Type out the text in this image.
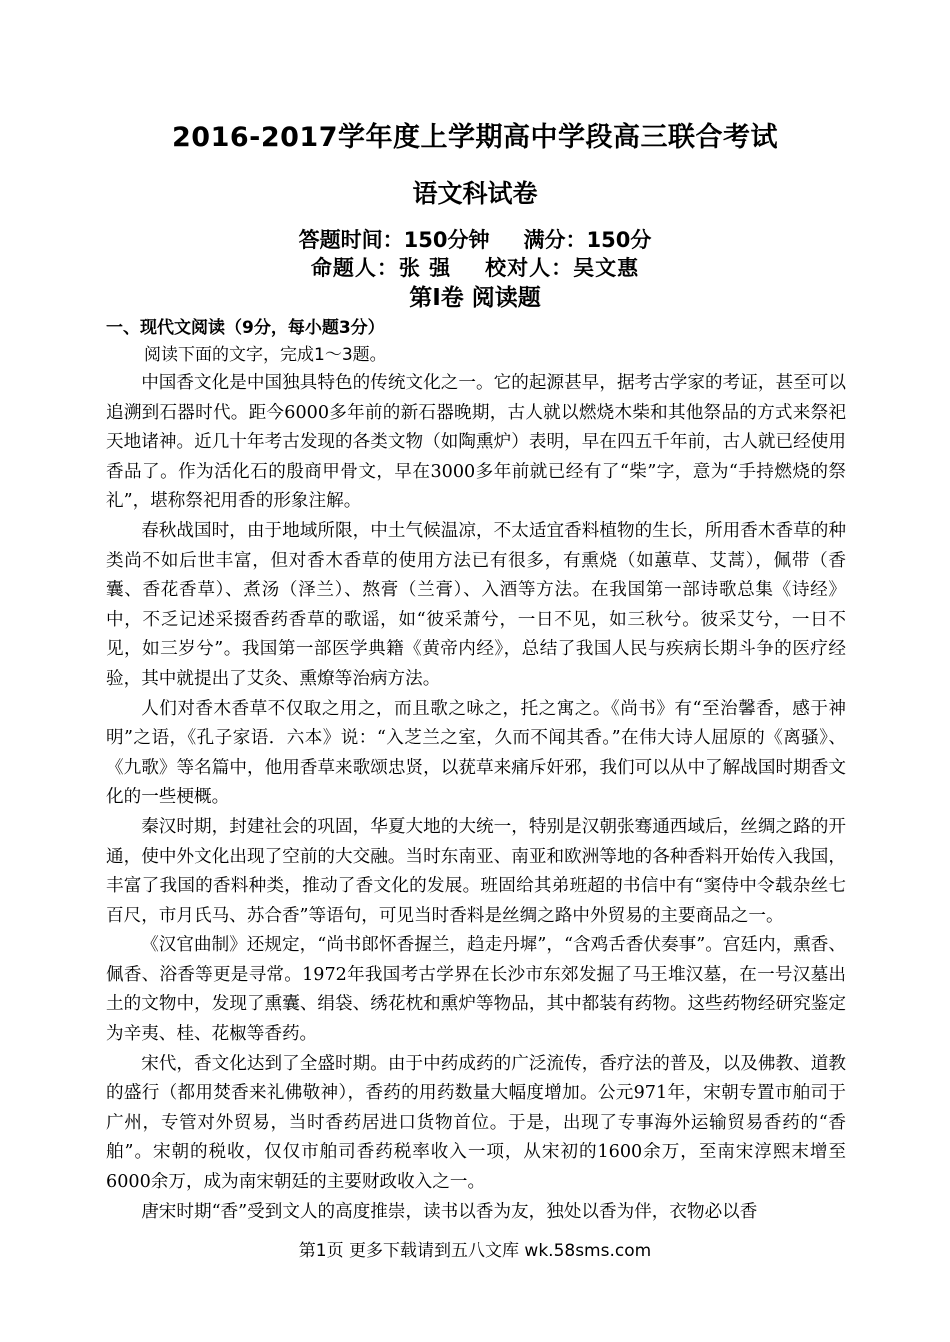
2016-2017学年度上学期高中学段高三联合考试
语文科试卷
答题时间：150分钟 满分：150分
命题人：张 强 校对人：吴文惠
第Ⅰ卷 阅读题
一、现代文阅读（9分，每小题3分）
阅读下面的文字，完成1～3题。

中国香文化是中国独具特色的传统文化之一。它的起源甚早，据考古学家的考证，甚至可以追溯到石器时代。距今6000多年前的新石器晚期，古人就以燃烧木柴和其他祭品的方式来祭祀天地诸神。近几十年考古发现的各类文物（如陶熏炉）表明，早在四五千年前，古人就已经使用香品了。作为活化石的殷商甲骨文，早在3000多年前就已经有了“柴”字，意为“手持燃烧的祭礼”，堪称祭祀用香的形象注解。

春秋战国时，由于地域所限，中土气候温凉，不太适宜香料植物的生长，所用香木香草的种类尚不如后世丰富，但对香木香草的使用方法已有很多，有熏烧（如蕙草、艾蒿），佩带（香囊、香花香草）、煮汤（泽兰）、熬膏（兰膏）、入酒等方法。在我国第一部诗歌总集《诗经》中，不乏记述采掇香药香草的歌谣，如“彼采萧兮，一日不见，如三秋兮。彼采艾兮，一日不见，如三岁兮”。我国第一部医学典籍《黄帝内经》，总结了我国人民与疾病长期斗争的医疗经验，其中就提出了艾灸、熏燎等治病方法。

人们对香木香草不仅取之用之，而且歌之咏之，托之寓之。《尚书》有“至治馨香，感于神明”之语，《孔子家语．六本》说：“入芝兰之室，久而不闻其香。”在伟大诗人屈原的《离骚》、《九歌》等名篇中，他用香草来歌颂忠贤，以莸草来痛斥奸邪，我们可以从中了解战国时期香文化的一些梗概。

秦汉时期，封建社会的巩固，华夏大地的大统一，特别是汉朝张骞通西域后，丝绸之路的开通，使中外文化出现了空前的大交融。当时东南亚、南亚和欧洲等地的各种香料开始传入我国，丰富了我国的香料种类，推动了香文化的发展。班固给其弟班超的书信中有“窦侍中令载杂丝七百尺，市月氏马、苏合香”等语句，可见当时香料是丝绸之路中外贸易的主要商品之一。

《汉官曲制》还规定，“尚书郎怀香握兰，趋走丹墀”，“含鸡舌香伏奏事”。宫廷内，熏香、佩香、浴香等更是寻常。1972年我国考古学界在长沙市东郊发掘了马王堆汉墓，在一号汉墓出土的文物中，发现了熏囊、绢袋、绣花枕和熏炉等物品，其中都装有药物。这些药物经研究鉴定为辛夷、桂、花椒等香药。

宋代，香文化达到了全盛时期。由于中药成药的广泛流传，香疗法的普及，以及佛教、道教的盛行（都用焚香来礼佛敬神），香药的用药数量大幅度增加。公元971年，宋朝专置市舶司于广州，专管对外贸易，当时香药居进口货物首位。于是，出现了专事海外运输贸易香药的“香舶”。宋朝的税收，仅仅市舶司香药税率收入一项，从宋初的1600余万，至南宋淳熙末增至6000余万，成为南宋朝廷的主要财政收入之一。

唐宋时期“香”受到文人的高度推崇，读书以香为友，独处以香为伴，衣物必以香

第1页 更多下载请到五八文库 wk.58sms.com
